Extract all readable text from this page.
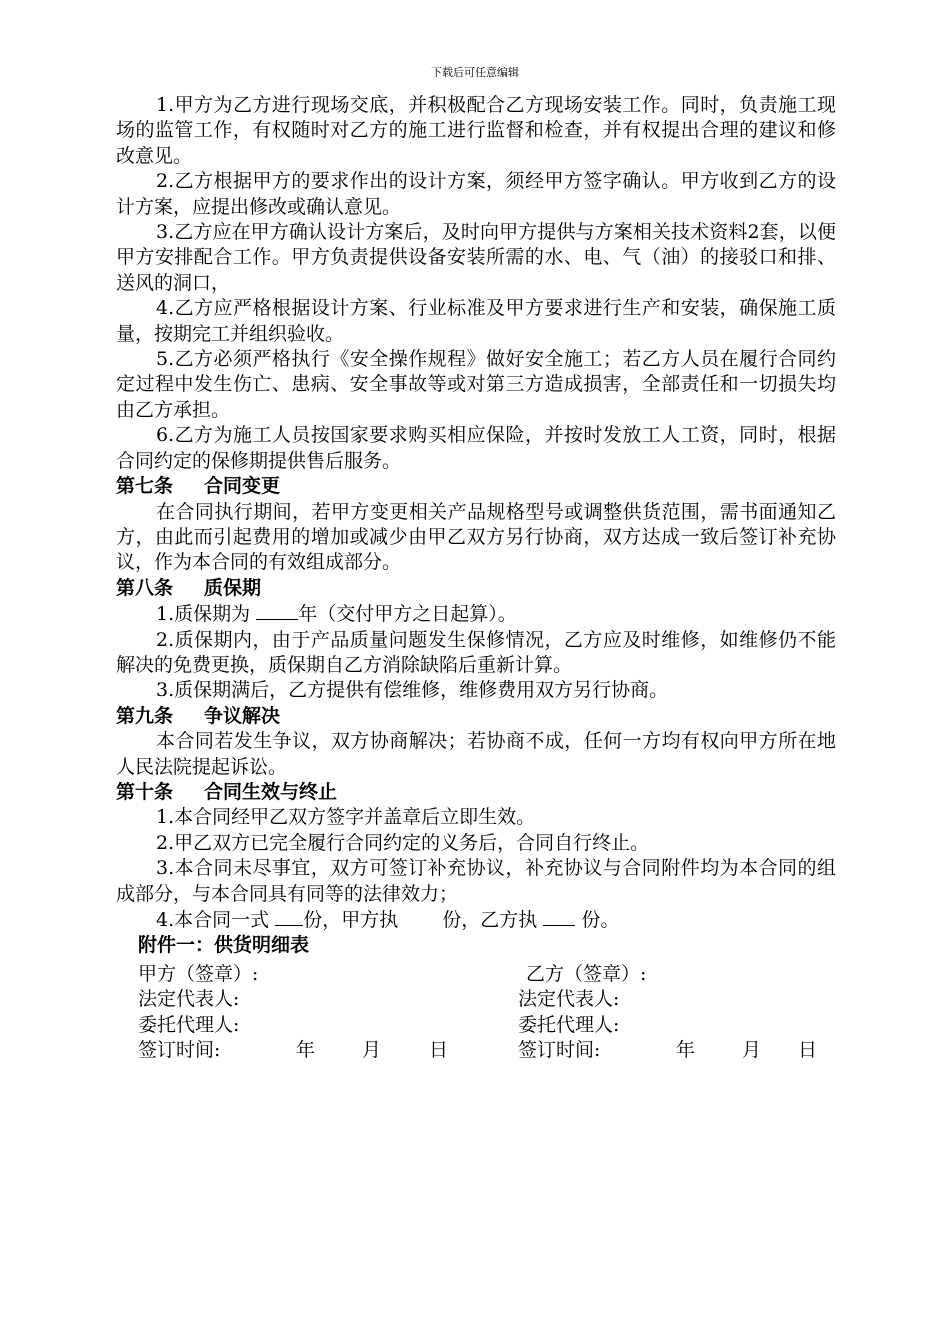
下载后可任意编辑

1.甲方为乙方进行现场交底，并积极配合乙方现场安装工作。同时，负责施工现场的监管工作，有权随时对乙方的施工进行监督和检查，并有权提出合理的建议和修改意见。

2.乙方根据甲方的要求作出的设计方案，须经甲方签字确认。甲方收到乙方的设计方案，应提出修改或确认意见。

3.乙方应在甲方确认设计方案后，及时向甲方提供与方案相关技术资料2套，以便甲方安排配合工作。甲方负责提供设备安装所需的水、电、气（油）的接驳口和排、送风的洞口，

4.乙方应严格根据设计方案、行业标准及甲方要求进行生产和安装，确保施工质量，按期完工并组织验收。

5.乙方必须严格执行《安全操作规程》做好安全施工；若乙方人员在履行合同约定过程中发生伤亡、患病、安全事故等或对第三方造成损害，全部责任和一切损失均由乙方承担。

6.乙方为施工人员按国家要求购买相应保险，并按时发放工人工资，同时，根据合同约定的保修期提供售后服务。

第七条 合同变更

在合同执行期间，若甲方变更相关产品规格型号或调整供货范围，需书面通知乙方，由此而引起费用的增加或减少由甲乙双方另行协商，双方达成一致后签订补充协议，作为本合同的有效组成部分。

第八条 质保期

1.质保期为	年（交付甲方之日起算）。

2.质保期内，由于产品质量问题发生保修情况，乙方应及时维修，如维修仍不能解决的免费更换，质保期自乙方消除缺陷后重新计算。

3.质保期满后，乙方提供有偿维修，维修费用双方另行协商。

第九条 争议解决

本合同若发生争议，双方协商解决；若协商不成，任何一方均有权向甲方所在地人民法院提起诉讼。

第十条 合同生效与终止

1.本合同经甲乙双方签字并盖章后立即生效。

2.甲乙双方已完全履行合同约定的义务后，合同自行终止。

3.本合同未尽事宜，双方可签订补充协议，补充协议与合同附件均为本合同的组成部分，与本合同具有同等的法律效力；

4.本合同一式 份，甲方执 份，乙方执 份。

附件一：供货明细表

甲方（签章）:	乙方（签章）:
法定代表人:	法定代表人:
委托代理人:	委托代理人:
签订时间:	年 月	日	签订时间:	年 月 日
